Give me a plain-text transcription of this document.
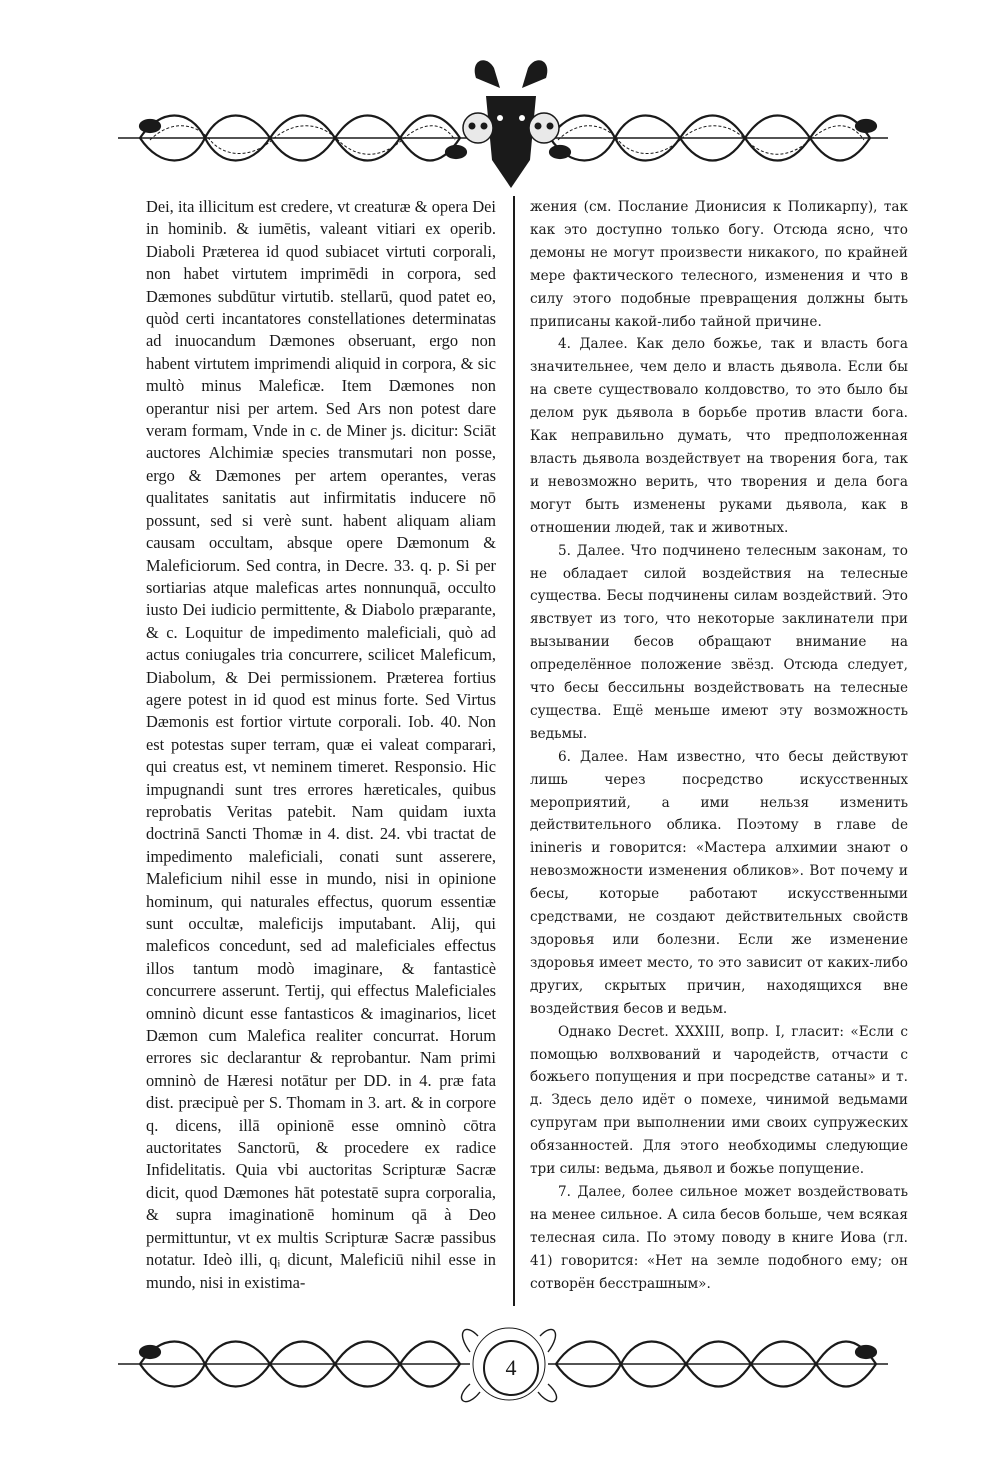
Dei, ita illicitum est credere, vt creaturæ & opera Dei in hominib. & iumētis, valeant vitiari ex operib. Diaboli Præterea id quod subiacet virtuti corporali, non habet virtutem imprimēdi in corpora, sed Dæmones subdūtur virtutib. stellarū, quod patet eo, quòd certi incantatores constellationes determinatas ad inuocandum Dæmones obseruant, ergo non habent virtutem imprimendi aliquid in corpora, & sic multò minus Maleficæ. Item Dæmones non operantur nisi per artem. Sed Ars non potest dare veram formam, Vnde in c. de Miner js. dicitur: Sciāt auctores Alchimiæ species transmutari non posse, ergo & Dæmones per artem operantes, veras qualitates sanitatis aut infirmitatis inducere nō possunt, sed si verè sunt. habent aliquam aliam causam occultam, absque opere Dæmonum & Maleficiorum. Sed contra, in Decre. 33. q. p. Si per sortiarias atque maleficas artes nonnunquā, occulto iusto Dei iudicio permittente, & Diabolo præparante, & c. Loquitur de impedimento maleficiali, quò ad actus coniugales tria concurrere, scilicet Maleficum, Diabolum, & Dei permissionem. Præterea fortius agere potest in id quod est minus forte. Sed Virtus Dæmonis est fortior virtute corporali. Iob. 40. Non est potestas super terram, quæ ei valeat comparari, qui creatus est, vt neminem timeret. Responsio. Hic impugnandi sunt tres errores hæreticales, quibus reprobatis Veritas patebit. Nam quidam iuxta doctrinā Sancti Thomæ in 4. dist. 24. vbi tractat de impedimento maleficiali, conati sunt asserere, Maleficium nihil esse in mundo, nisi in opinione hominum, qui naturales effectus, quorum essentiæ sunt occultæ, maleficijs imputabant. Alij, qui maleficos concedunt, sed ad maleficiales effectus illos tantum modò imaginare, & fantasticè concurrere asserunt. Tertij, qui effectus Maleficiales omninò dicunt esse fantasticos & imaginarios, licet Dæmon cum Malefica realiter concurrat. Horum errores sic declarantur & reprobantur. Nam primi omninò de Hæresi notātur per DD. in 4. præ fata dist. præcipuè per S. Thomam in 3. art. & in corpore q. dicens, illā opinionē esse omninò cōtra auctoritates Sanctorū, & procedere ex radice Infidelitatis. Quia vbi auctoritas Scripturæ Sacræ dicit, quod Dæmones hāt potestatē supra corporalia, & supra imaginationē hominum qā à Deo permittuntur, vt ex multis Scripturæ Sacræ passibus notatur. Ideò illi, qᵢ dicunt, Maleficiū nihil esse in mundo, nisi in existima-

жения (см. Послание Дионисия к Поликарпу), так как это доступно только богу. Отсюда ясно, что демоны не могут произвести никакого, по крайней мере фактического телесного, изменения и что в силу этого подобные превращения должны быть приписаны какой-либо тайной причине.

4. Далее. Как дело божье, так и власть бога значительнее, чем дело и власть дьявола. Если бы на свете существовало колдовство, то это было бы делом рук дьявола в борьбе против власти бога. Как неправильно думать, что предположенная власть дьявола воздействует на творения бога, так и невозможно верить, что творения и дела бога могут быть изменены руками дьявола, как в отношении людей, так и животных.

5. Далее. Что подчинено телесным законам, то не обладает силой воздействия на телесные существа. Бесы подчинены силам воздействий. Это явствует из того, что некоторые заклинатели при вызывании бесов обращают внимание на определённое положение звёзд. Отсюда следует, что бесы бессильны воздействовать на телесные существа. Ещё меньше имеют эту возможность ведьмы.

6. Далее. Нам известно, что бесы действуют лишь через посредство искусственных мероприятий, а ими нельзя изменить действительного облика. Поэтому в главе de inineris и говорится: «Мастера алхимии знают о невозможности изменения обликов». Вот почему и бесы, которые работают искусственными средствами, не создают действительных свойств здоровья или болезни. Если же изменение здоровья имеет место, то это зависит от каких-либо других, скрытых причин, находящихся вне воздействия бесов и ведьм.

Однако Decret. XXXIII, вопр. I, гласит: «Если с помощью волхвований и чародейств, отчасти с божьего попущения и при посредстве сатаны» и т. д. Здесь дело идёт о помехе, чинимой ведьмами супругам при выполнении ими своих супружеских обязанностей. Для этого необходимы следующие три силы: ведьма, дьявол и божье попущение.

7. Далее, более сильное может воздействовать на менее сильное. А сила бесов больше, чем всякая телесная сила. По этому поводу в книге Иова (гл. 41) говорится: «Нет на земле подобного ему; он сотворён бесстрашным».

4
